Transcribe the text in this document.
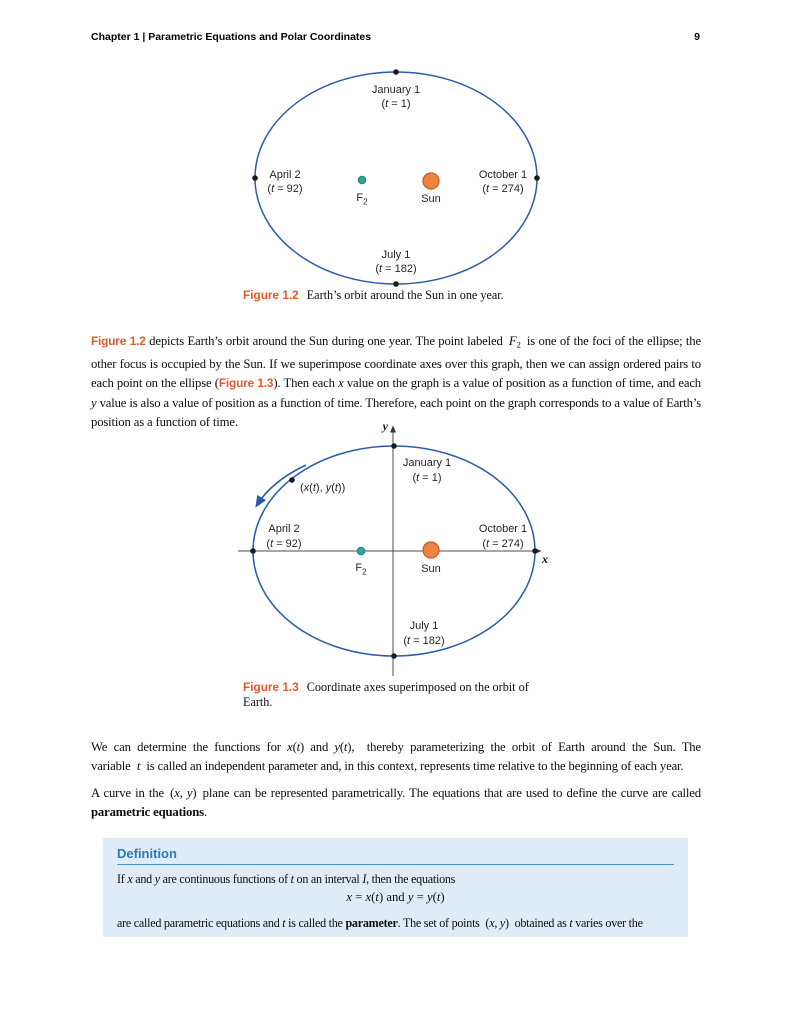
Chapter 1 | Parametric Equations and Polar Coordinates	9
January 1
(t = 1)
April 2
(t = 92)
October 1
(t = 274)
July 1
(t = 182)
$F_2$	Sun
Figure 1.2 Earth’s orbit around the Sun in one year.
Figure 1.2 depicts Earth’s orbit around the Sun during one year. The point labeled F2 is one of the foci of the ellipse; the other focus is occupied by the Sun. If we superimpose coordinate axes over this graph, then we can assign ordered pairs to each point on the ellipse (Figure 1.3). Then each x value on the graph is a value of position as a function of time, and each y value is also a value of position as a function of time. Therefore, each point on the graph corresponds to a value of Earth’s position as a function of time.	y
x
January 1
(t = 1)
(x(t), y(t))
April 2
(t = 92)
October 1
(t = 274)
July 1
(t = 182)
$F_2$	Sun
Figure 1.3 Coordinate axes superimposed on the orbit of Earth.
We can determine the functions for x(t) and y(t),  thereby parameterizing the orbit of Earth around the Sun. The variable t is called an independent parameter and, in this context, represents time relative to the beginning of each year.
A curve in the (x, y) plane can be represented parametrically. The equations that are used to define the curve are called parametric equations.
Definition
If x and y are continuous functions of t on an interval I, then the equations
x = x(t) and y = y(t)
are called parametric equations and t is called the parameter. The set of points (x, y) obtained as t varies over the
